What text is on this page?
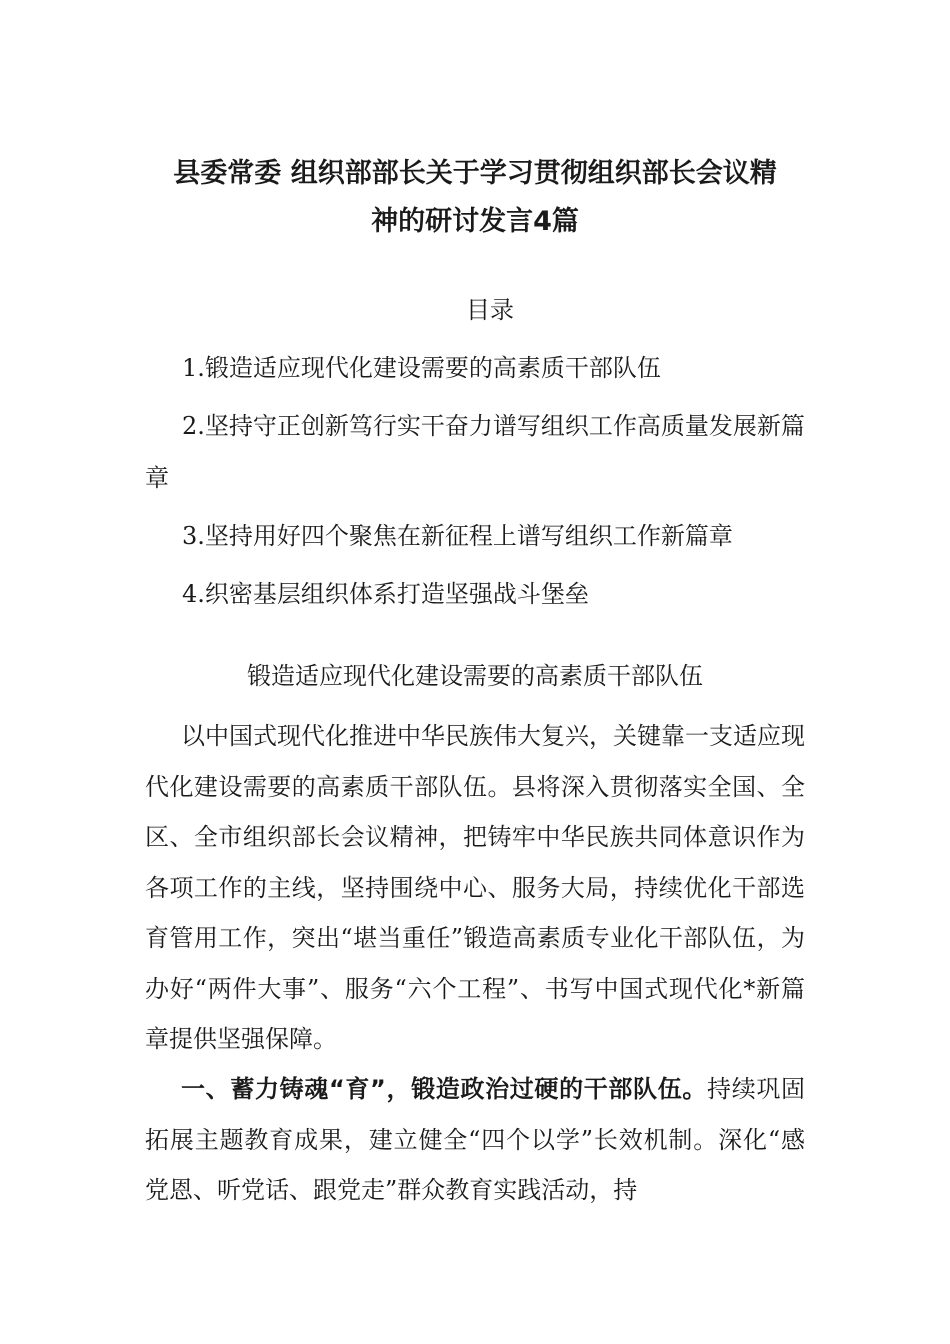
县委常委 组织部部长关于学习贯彻组织部长会议精
神的研讨发言4篇
目录

1.锻造适应现代化建设需要的高素质干部队伍

2.坚持守正创新笃行实干奋力谱写组织工作高质量发展新篇章

3.坚持用好四个聚焦在新征程上谱写组织工作新篇章

4.织密基层组织体系打造坚强战斗堡垒

锻造适应现代化建设需要的高素质干部队伍

以中国式现代化推进中华民族伟大复兴，关键靠一支适应现代化建设需要的高素质干部队伍。县将深入贯彻落实全国、全区、全市组织部长会议精神，把铸牢中华民族共同体意识作为各项工作的主线，坚持围绕中心、服务大局，持续优化干部选育管用工作，突出“堪当重任”锻造高素质专业化干部队伍，为办好“两件大事”、服务“六个工程”、书写中国式现代化*新篇章提供坚强保障。

一、蓄力铸魂“育”，锻造政治过硬的干部队伍。持续巩固拓展主题教育成果，建立健全“四个以学”长效机制。深化“感党恩、听党话、跟党走”群众教育实践活动，持
